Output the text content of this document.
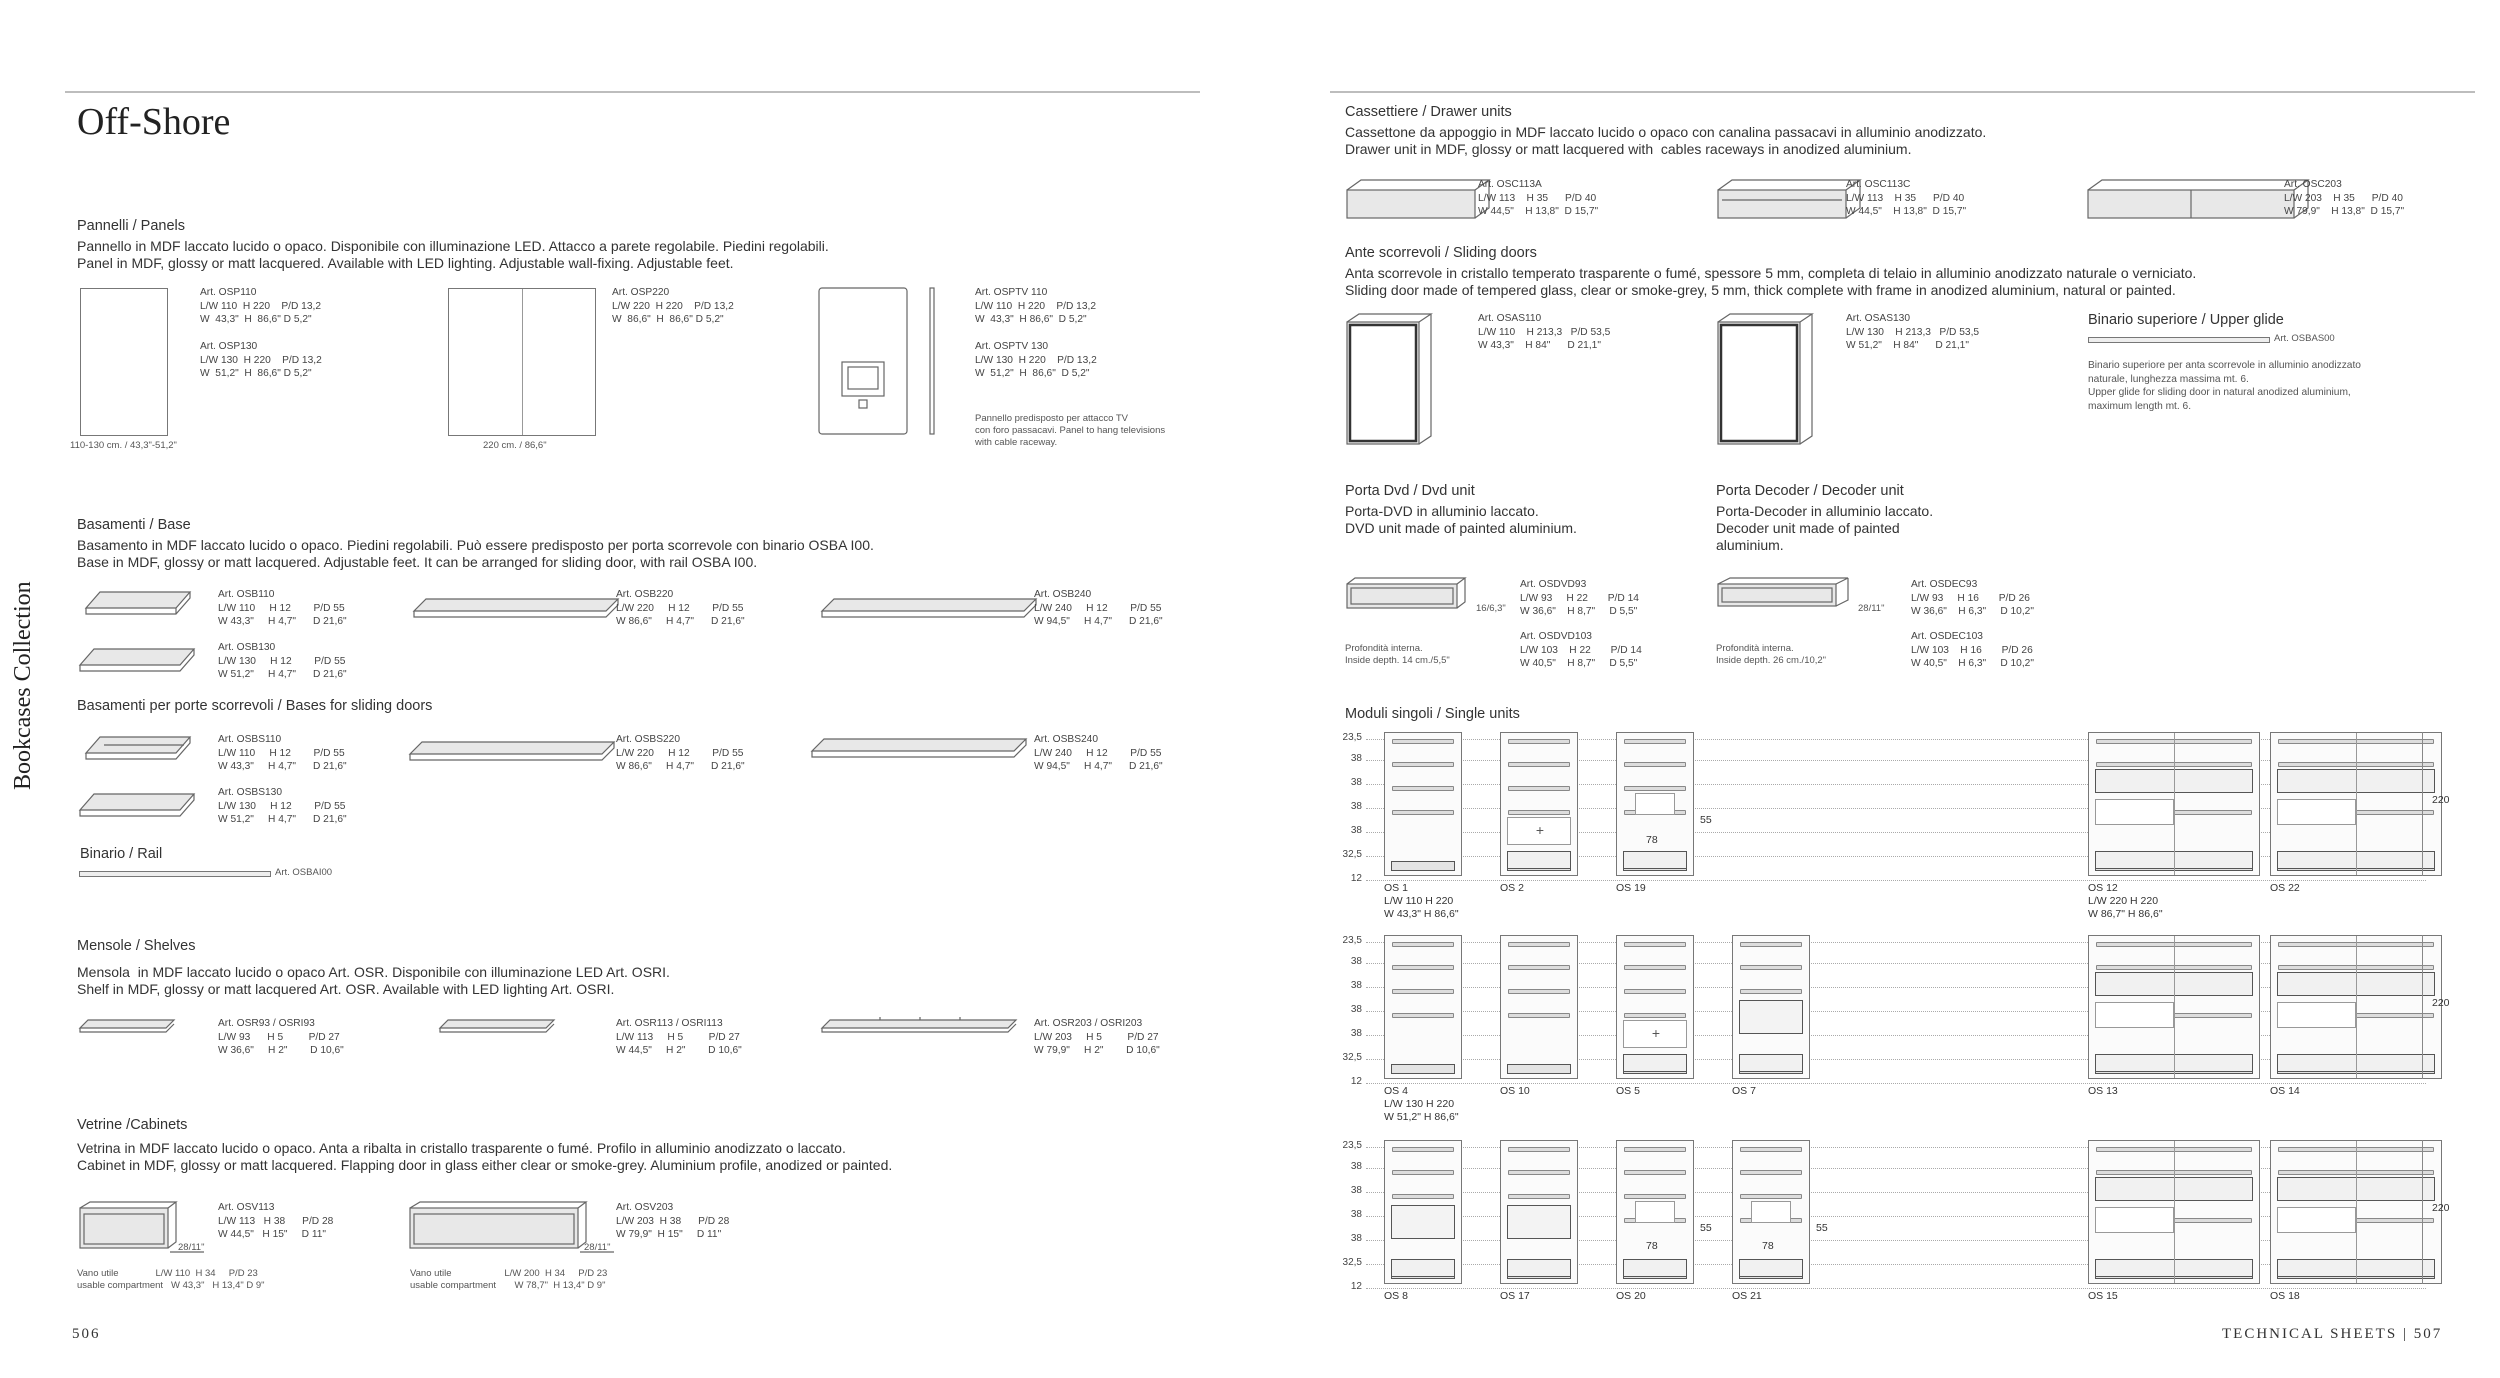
Off-Shore
Bookcases Collection
Pannelli / Panels
Pannello in MDF laccato lucido o opaco. Disponibile con illuminazione LED. Attacco a parete regolabile. Piedini regolabili.
Panel in MDF, glossy or matt lacquered. Available with LED lighting. Adjustable wall-fixing. Adjustable feet.
110-130 cm. / 43,3"-51,2"
Art. OSP110
L/W 110  H 220    P/D 13,2
W  43,3"  H  86,6" D 5,2"

Art. OSP130
L/W 130  H 220    P/D 13,2
W  51,2"  H  86,6" D 5,2"
220 cm. / 86,6"
Art. OSP220
L/W 220  H 220    P/D 13,2
W  86,6"  H  86,6" D 5,2"
Art. OSPTV 110
L/W 110  H 220    P/D 13,2
W  43,3"  H 86,6"  D 5,2"

Art. OSPTV 130
L/W 130  H 220    P/D 13,2
W  51,2"  H  86,6"  D 5,2"
Pannello predisposto per attacco TV
con foro passacavi. Panel to hang televisions
with cable raceway.
Basamenti / Base
Basamento in MDF laccato lucido o opaco. Piedini regolabili. Può essere predisposto per porta scorrevole con binario OSBA I00.
Base in MDF, glossy or matt lacquered. Adjustable feet. It can be arranged for sliding door, with rail OSBA I00.
Art. OSB110
L/W 110     H 12        P/D 55
W 43,3"     H 4,7"      D 21,6"
Art. OSB220
L/W 220     H 12        P/D 55
W 86,6"     H 4,7"      D 21,6"
Art. OSB240
L/W 240     H 12        P/D 55
W 94,5"     H 4,7"      D 21,6"
Art. OSB130
L/W 130     H 12        P/D 55
W 51,2"     H 4,7"      D 21,6"
Basamenti per porte scorrevoli / Bases for sliding doors
Art. OSBS110
L/W 110     H 12        P/D 55
W 43,3"     H 4,7"      D 21,6"
Art. OSBS220
L/W 220     H 12        P/D 55
W 86,6"     H 4,7"      D 21,6"
Art. OSBS240
L/W 240     H 12        P/D 55
W 94,5"     H 4,7"      D 21,6"
Art. OSBS130
L/W 130     H 12        P/D 55
W 51,2"     H 4,7"      D 21,6"
Binario / Rail
Art. OSBAI00
Mensole / Shelves
Mensola  in MDF laccato lucido o opaco Art. OSR. Disponibile con illuminazione LED Art. OSRI.
Shelf in MDF, glossy or matt lacquered Art. OSR. Available with LED lighting Art. OSRI.
Art. OSR93 / OSRI93
L/W 93      H 5         P/D 27
W 36,6"     H 2"        D 10,6"
Art. OSR113 / OSRI113
L/W 113     H 5         P/D 27
W 44,5"     H 2"        D 10,6"
Art. OSR203 / OSRI203
L/W 203     H 5         P/D 27
W 79,9"     H 2"        D 10,6"
Vetrine /Cabinets
Vetrina in MDF laccato lucido o opaco. Anta a ribalta in cristallo trasparente o fumé. Profilo in alluminio anodizzato o laccato.
Cabinet in MDF, glossy or matt lacquered. Flapping door in glass either clear or smoke-grey. Aluminium profile, anodized or painted.
28/11"
Art. OSV113
L/W 113   H 38      P/D 28
W 44,5"   H 15"     D 11"
28/11"
Art. OSV203
L/W 203  H 38      P/D 28
W 79,9"  H 15"     D 11"
Vano utile              L/W 110  H 34     P/D 23
usable compartment   W 43,3"   H 13,4" D 9"
Vano utile                    L/W 200  H 34     P/D 23
usable compartment       W 78,7"  H 13,4" D 9"
506
Cassettiere / Drawer units
Cassettone da appoggio in MDF laccato lucido o opaco con canalina passacavi in alluminio anodizzato.
Drawer unit in MDF, glossy or matt lacquered with  cables raceways in anodized aluminium.
Art. OSC113A
L/W 113    H 35      P/D 40
W 44,5"    H 13,8"  D 15,7"
Art. OSC113C
L/W 113    H 35      P/D 40
W 44,5"    H 13,8"  D 15,7"
Art. OSC203
L/W 203    H 35      P/D 40
W 79,9"    H 13,8"  D 15,7"
Ante scorrevoli / Sliding doors
Anta scorrevole in cristallo temperato trasparente o fumé, spessore 5 mm, completa di telaio in alluminio anodizzato naturale o verniciato.
Sliding door made of tempered glass, clear or smoke-grey, 5 mm, thick complete with frame in anodized aluminium, natural or painted.
Art. OSAS110
L/W 110    H 213,3   P/D 53,5
W 43,3"    H 84"      D 21,1"
Art. OSAS130
L/W 130    H 213,3   P/D 53,5
W 51,2"    H 84"      D 21,1"
Binario superiore / Upper glide
Art. OSBAS00
Binario superiore per anta scorrevole in alluminio anodizzato
naturale, lunghezza massima mt. 6.
Upper glide for sliding door in natural anodized aluminium,
maximum length mt. 6.
Porta Dvd / Dvd unit
Porta-DVD in alluminio laccato.
DVD unit made of painted aluminium.
16/6,3"
Art. OSDVD93
L/W 93     H 22       P/D 14
W 36,6"    H 8,7"     D 5,5"
Art. OSDVD103
L/W 103    H 22       P/D 14
W 40,5"    H 8,7"     D 5,5"
Profondità interna.
Inside depth. 14 cm./5,5"
Porta Decoder / Decoder unit
Porta-Decoder in alluminio laccato.
Decoder unit made of painted
aluminium.
28/11"
Art. OSDEC93
L/W 93     H 16       P/D 26
W 36,6"    H 6,3"     D 10,2"
Art. OSDEC103
L/W 103    H 16       P/D 26
W 40,5"    H 6,3"     D 10,2"
Profondità interna.
Inside depth. 26 cm./10,2"
Moduli singoli / Single units
23,5
38
38
38
38
32,5
12
OS 1
L/W 110 H 220
W 43,3" H 86,6"
+
OS 2	OS 19	OS 12
L/W 220 H 220
W 86,7" H 86,6"
OS 22
220
23,5
38
38
38
38
32,5
12
OS 4
L/W 130 H 220
W 51,2" H 86,6"
OS 10
+
OS 5	OS 7	OS 13	OS 14
220
23,5
38
38
38
38
32,5
12
OS 8	OS 17	OS 20	OS 21	OS 15	OS 18
220
78
55
78
55
78
55
TECHNICAL SHEETS | 507
